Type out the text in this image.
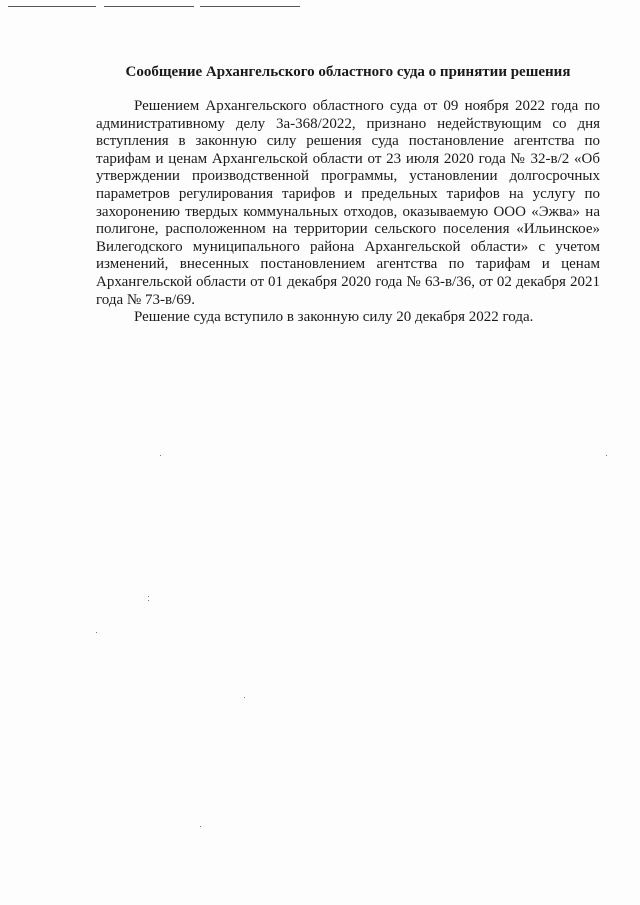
Сообщение Архангельского областного суда о принятии решения

Решением Архангельского областного суда от 09 ноября 2022 года по административному делу 3а-368/2022, признано недействующим со дня вступления в законную силу решения суда постановление агентства по тарифам и ценам Архангельской области от 23 июля 2020 года № 32-в/2 «Об утверждении производственной программы, установлении долгосрочных параметров регулирования тарифов и предельных тарифов на услугу по захоронению твердых коммунальных отходов, оказываемую ООО «Эжва» на полигоне, расположенном на территории сельского поселения «Ильинское» Вилегодского муниципального района Архангельской области» с учетом изменений, внесенных постановлением агентства по тарифам и ценам Архангельской области от 01 декабря 2020 года № 63-в/36, от 02 декабря 2021 года № 73-в/69.

Решение суда вступило в законную силу 20 декабря 2022 года.
